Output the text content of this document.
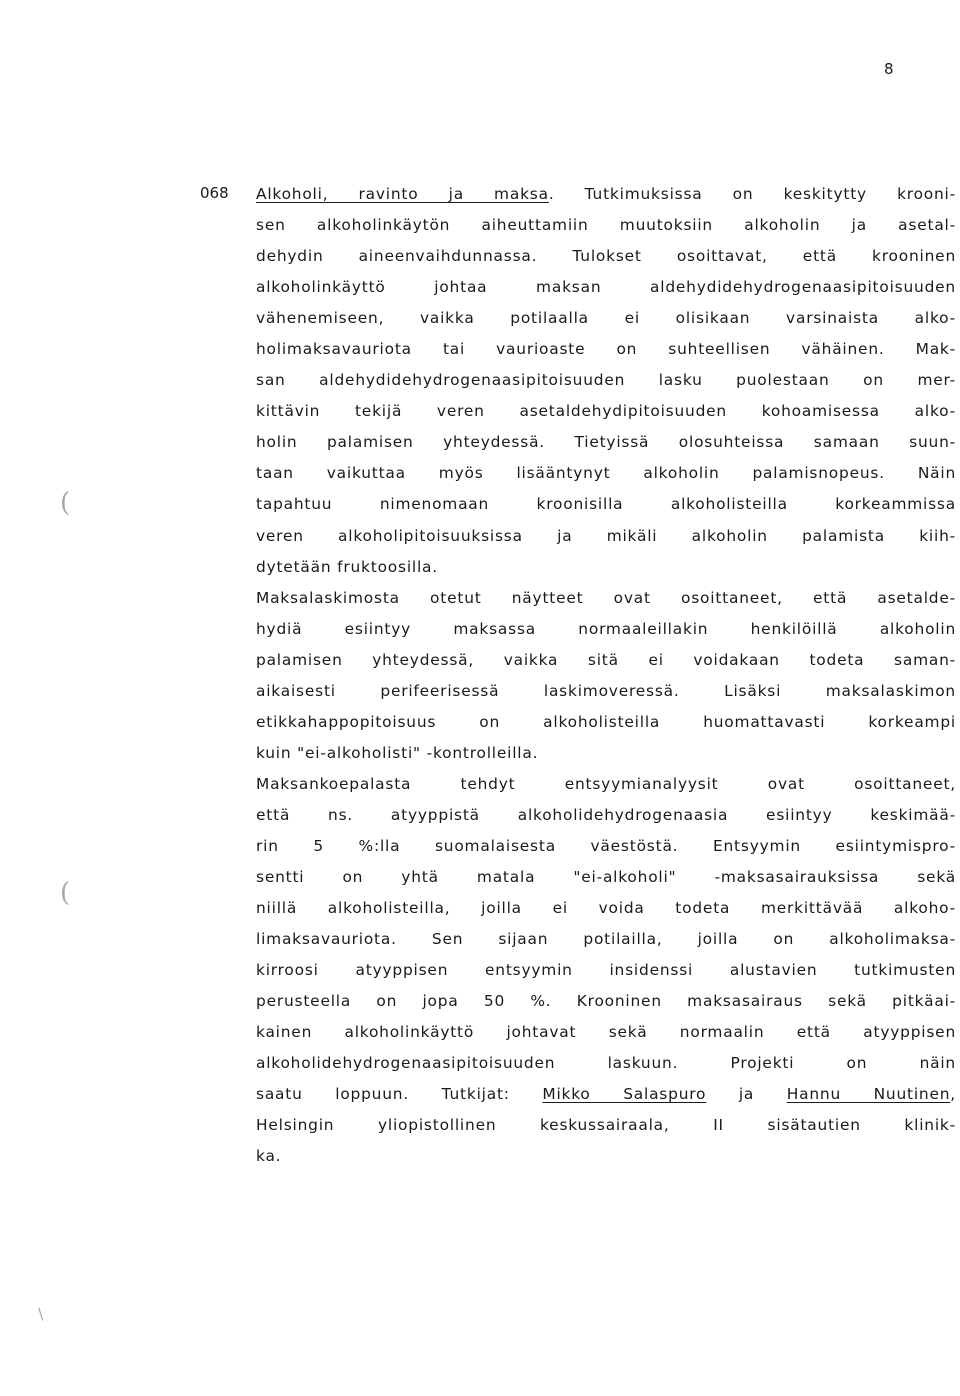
8
068 Alkoholi, ravinto ja maksa. Tutkimuksissa on keskitytty krooni-
sen alkoholinkäytön aiheuttamiin muutoksiin alkoholin ja asetal-
dehydin aineenvaihdunnassa. Tulokset osoittavat, että krooninen
alkoholinkäyttö johtaa maksan aldehydidehydrogenaasipitoisuuden
vähenemiseen, vaikka potilaalla ei olisikaan varsinaista alko-
holimaksavauriota tai vaurioaste on suhteellisen vähäinen. Mak-
san aldehydidehydrogenaasipitoisuuden lasku puolestaan on mer-
kittävin tekijä veren asetaldehydipitoisuuden kohoamisessa alko-
holin palamisen yhteydessä. Tietyissä olosuhteissa samaan suun-
taan vaikuttaa myös lisääntynyt alkoholin palamisnopeus. Näin
tapahtuu nimenomaan kroonisilla alkoholisteilla korkeammissa
veren alkoholipitoisuuksissa ja mikäli alkoholin palamista kiih-
dytetään fruktoosilla.
Maksalaskimosta otetut näytteet ovat osoittaneet, että asetalde-
hydiä esiintyy maksassa normaaleillakin henkilöillä alkoholin
palamisen yhteydessä, vaikka sitä ei voidakaan todeta saman-
aikaisesti perifeerisessä laskimoveressä. Lisäksi maksalaskimon
etikkahappopitoisuus on alkoholisteilla huomattavasti korkeampi
kuin "ei-alkoholisti" -kontrolleilla.
Maksankoepalasta tehdyt entsyymianalyysit ovat osoittaneet,
että ns. atyyppistä alkoholidehydrogenaasia esiintyy keskimää-
rin 5 %:lla suomalaisesta väestöstä. Entsyymin esiintymispro-
sentti on yhtä matala "ei-alkoholi" -maksasairauksissa sekä
niillä alkoholisteilla, joilla ei voida todeta merkittävää alkoho-
limaksavauriota. Sen sijaan potilailla, joilla on alkoholimaksa-
kirroosi atyyppisen entsyymin insidenssi alustavien tutkimusten
perusteella on jopa 50 %. Krooninen maksasairaus sekä pitkäai-
kainen alkoholinkäyttö johtavat sekä normaalin että atyyppisen
alkoholidehydrogenaasipitoisuuden laskuun. Projekti on näin
saatu loppuun. Tutkijat: Mikko Salaspuro ja Hannu Nuutinen,
Helsingin yliopistollinen keskussairaala, II sisätautien klinik-
ka.
(
(
\
